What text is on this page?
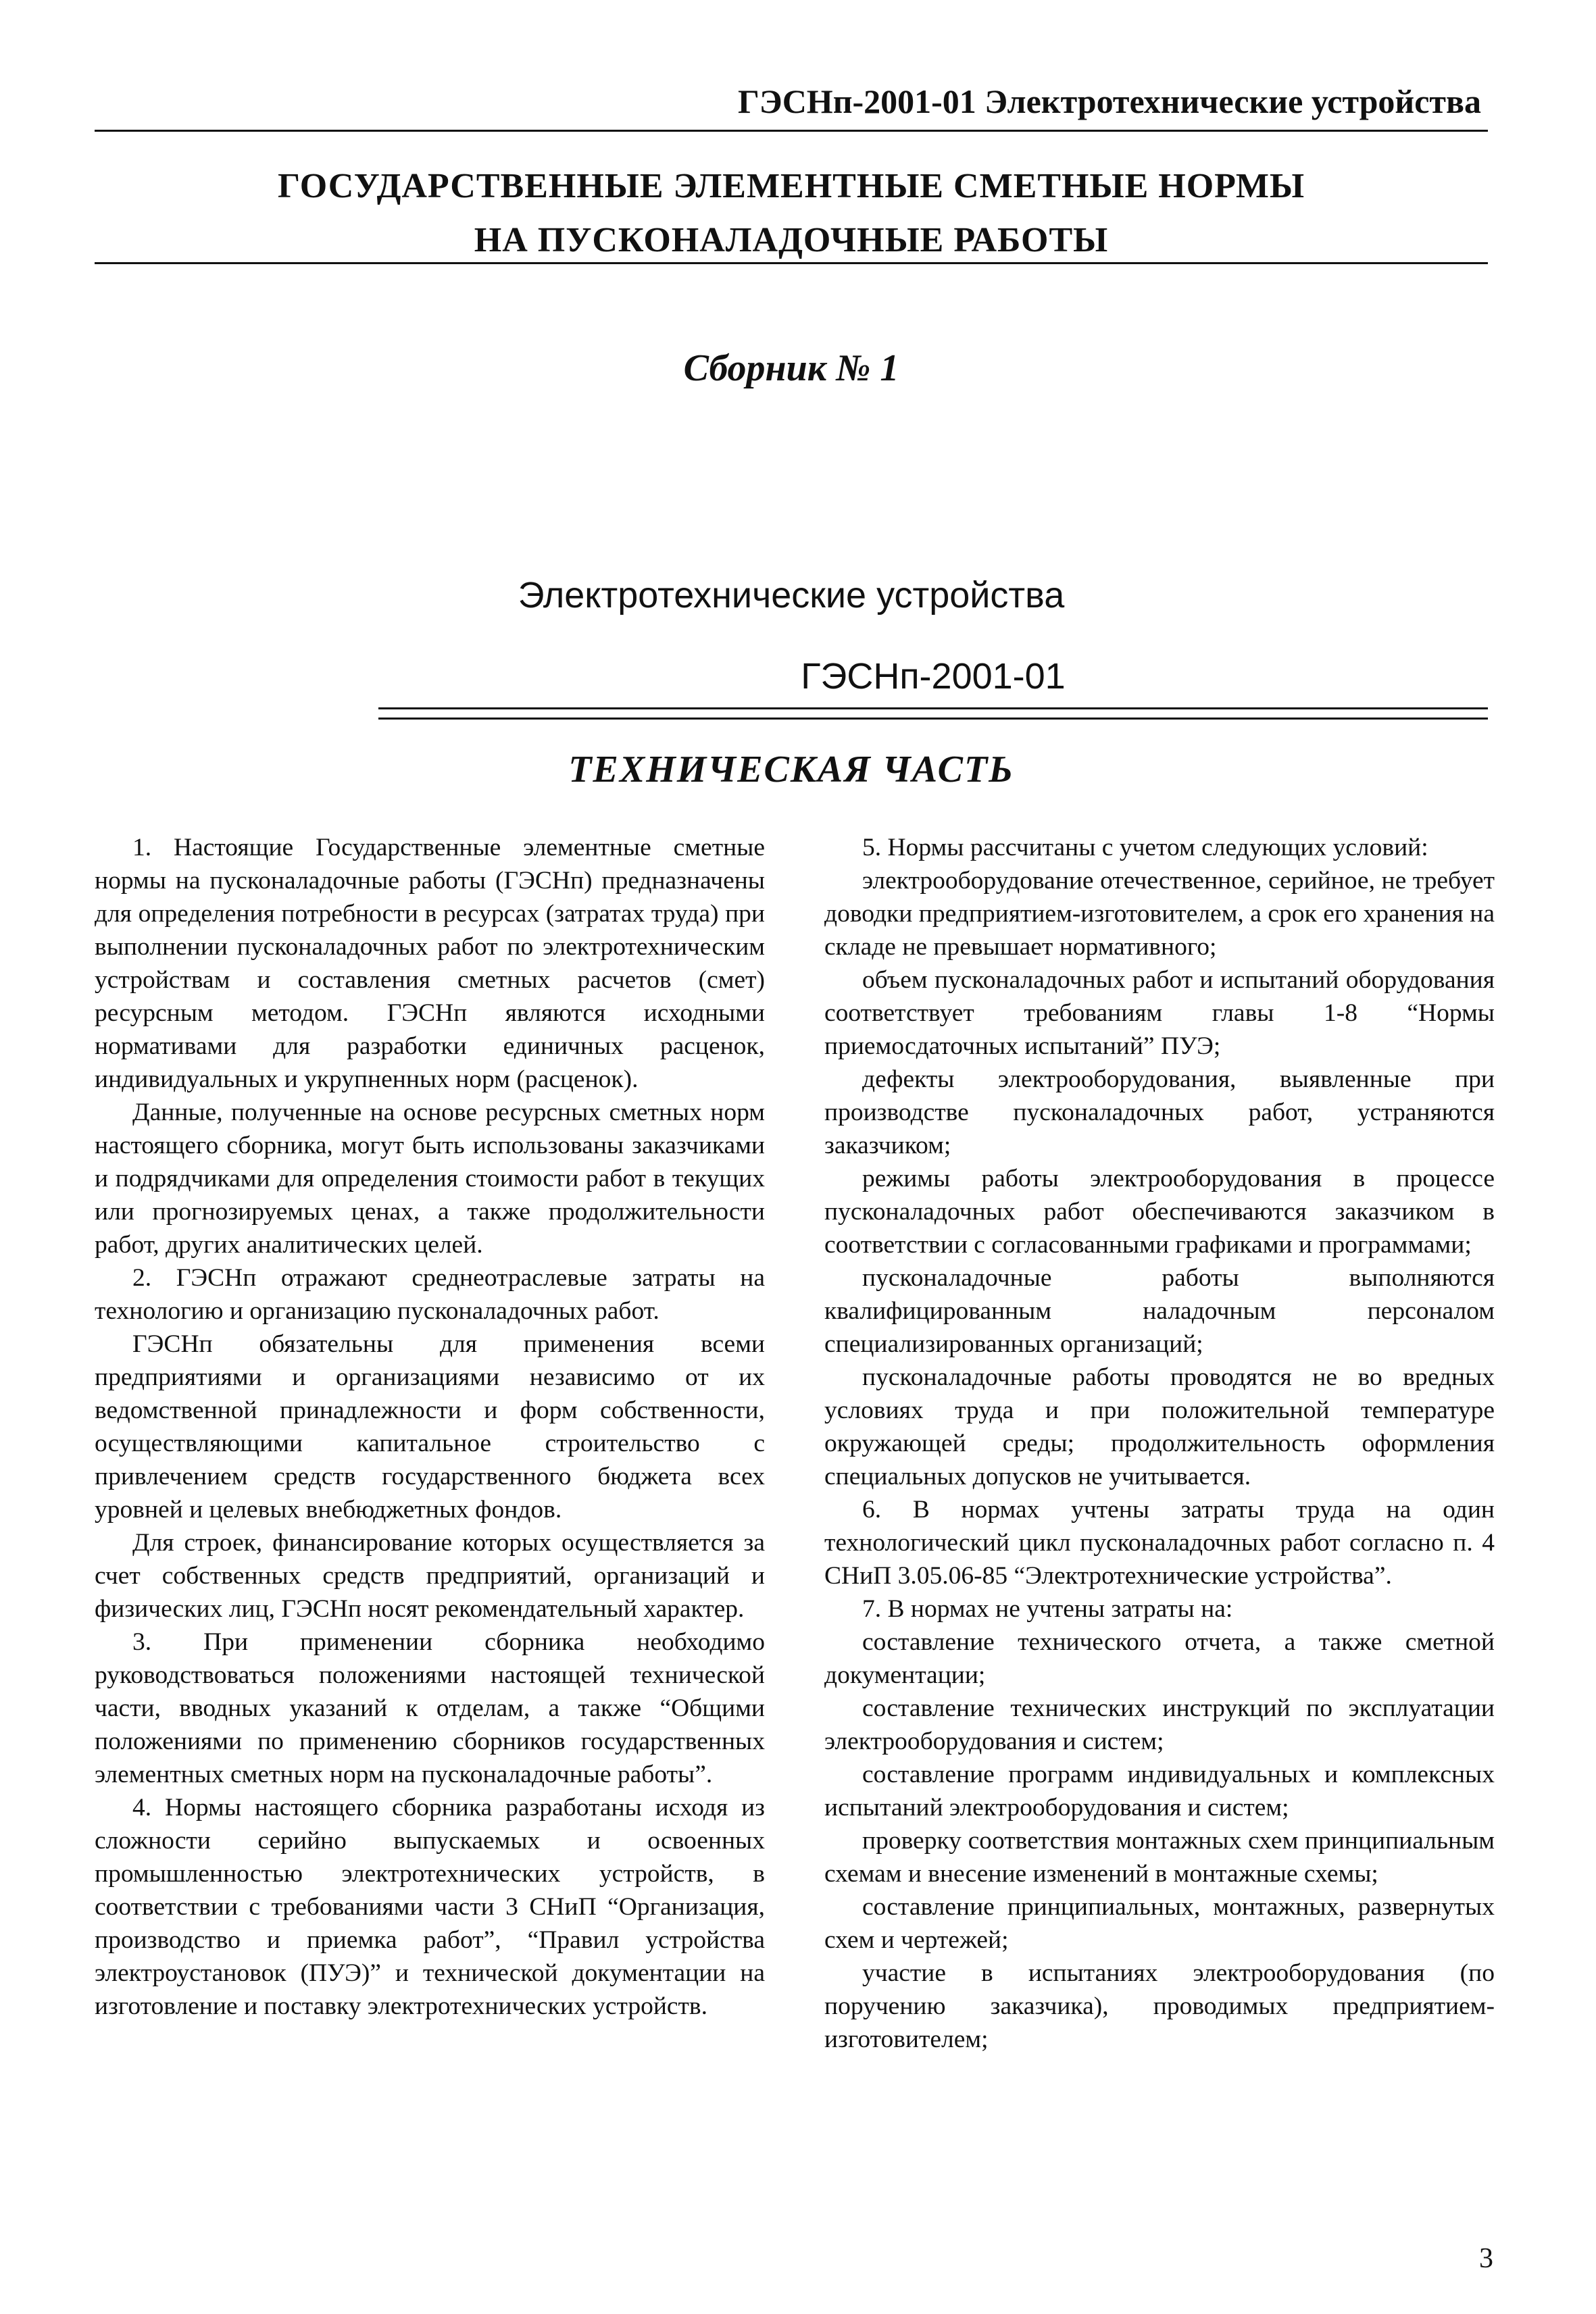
ГЭСНп-2001-01 Электротехнические устройства
ГОСУДАРСТВЕННЫЕ ЭЛЕМЕНТНЫЕ СМЕТНЫЕ НОРМЫ
НА ПУСКОНАЛАДОЧНЫЕ РАБОТЫ
Сборник № 1
Электротехнические устройства
ГЭСНп-2001-01
ТЕХНИЧЕСКАЯ ЧАСТЬ

1. Настоящие Государственные элементные сметные нормы на пусконаладочные работы (ГЭСНп) предназначены для определения потребности в ресурсах (затратах труда) при выполнении пусконаладочных работ по электротехническим устройствам и составления сметных расчетов (смет) ресурсным методом. ГЭСНп являются исходными нормативами для разработки единичных расценок, индивидуальных и укрупненных норм (расценок).

Данные, полученные на основе ресурсных сметных норм настоящего сборника, могут быть использованы заказчиками и подрядчиками для определения стоимости работ в текущих или прогнозируемых ценах, а также продолжительности работ, других аналитических целей.

2. ГЭСНп отражают среднеотраслевые затраты на технологию и организацию пусконаладочных работ.

ГЭСНп обязательны для применения всеми предприятиями и организациями независимо от их ведомственной принадлежности и форм собственности, осуществляющими капитальное строительство с привлечением средств государственного бюджета всех уровней и целевых внебюджетных фондов.

Для строек, финансирование которых осуществляется за счет собственных средств предприятий, организаций и физических лиц, ГЭСНп носят рекомендательный характер.

3. При применении сборника необходимо руководствоваться положениями настоящей технической части, вводных указаний к отделам, а также “Общими положениями по применению сборников государственных элементных сметных норм на пусконаладочные работы”.

4. Нормы настоящего сборника разработаны исходя из сложности серийно выпускаемых и освоенных промышленностью электротехнических устройств, в соответствии с требованиями части 3 СНиП “Организация, производство и приемка работ”, “Правил устройства электроустановок (ПУЭ)” и технической документации на изготовление и поставку электротехнических устройств.

5. Нормы рассчитаны с учетом следующих условий:

электрооборудование отечественное, серийное, не требует доводки предприятием-изготовителем, а срок его хранения на складе не превышает нормативного;

объем пусконаладочных работ и испытаний оборудования соответствует требованиям главы 1-8 “Нормы приемосдаточных испытаний” ПУЭ;

дефекты электрооборудования, выявленные при производстве пусконаладочных работ, устраняются заказчиком;

режимы работы электрооборудования в процессе пусконаладочных работ обеспечиваются заказчиком в соответствии с согласованными графиками и программами;

пусконаладочные работы выполняются квалифицированным наладочным персоналом специализированных организаций;

пусконаладочные работы проводятся не во вредных условиях труда и при положительной температуре окружающей среды; продолжительность оформления специальных допусков не учитывается.

6. В нормах учтены затраты труда на один технологический цикл пусконаладочных работ согласно п. 4 СНиП 3.05.06-85 “Электротехнические устройства”.

7. В нормах не учтены затраты на:

составление технического отчета, а также сметной документации;

составление технических инструкций по эксплуатации электрооборудования и систем;

составление программ индивидуальных и комплексных испытаний электрооборудования и систем;

проверку соответствия монтажных схем принципиальным схемам и внесение изменений в монтажные схемы;

составление принципиальных, монтажных, развернутых схем и чертежей;

участие в испытаниях электрооборудования (по поручению заказчика), проводимых предприятием-изготовителем;

3
